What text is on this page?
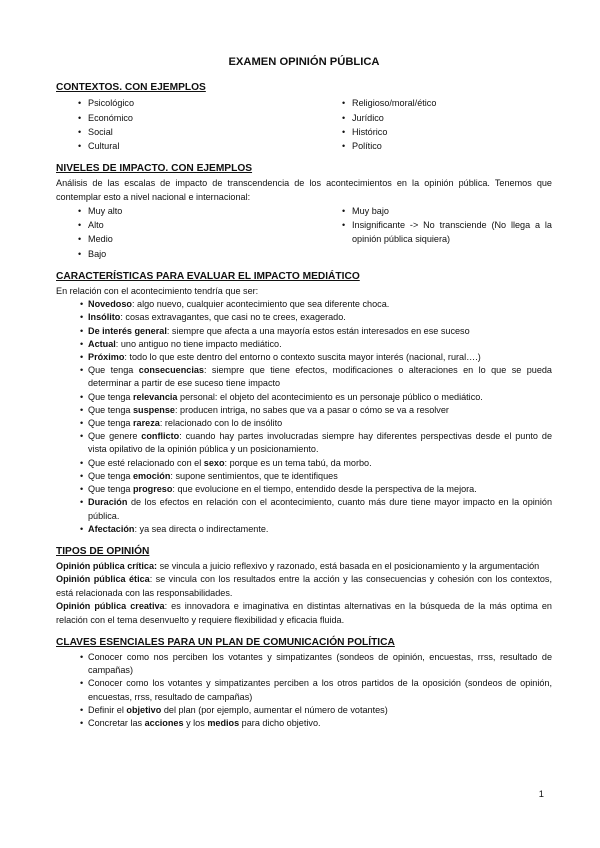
EXAMEN OPINIÓN PÚBLICA
CONTEXTOS. CON EJEMPLOS
• Psicológico
• Económico
• Social
• Cultural
• Religioso/moral/ético
• Jurídico
• Histórico
• Político
NIVELES DE IMPACTO. CON EJEMPLOS

Análisis de las escalas de impacto de transcendencia de los acontecimientos en la opinión pública. Tenemos que contemplar esto a nivel nacional e internacional:

• Muy alto
• Alto
• Medio
• Bajo
• Muy bajo
• Insignificante -> No transciende (No llega a la opinión pública siquiera)
CARACTERÍSTICAS PARA EVALUAR EL IMPACTO MEDIÁTICO

En relación con el acontecimiento tendría que ser:

• Novedoso: algo nuevo, cualquier acontecimiento que sea diferente choca.
• Insólito: cosas extravagantes, que casi no te crees, exagerado.
• De interés general: siempre que afecta a una mayoría estos están interesados en ese suceso
• Actual: uno antiguo no tiene impacto mediático.
• Próximo: todo lo que este dentro del entorno o contexto suscita mayor interés (nacional, rural….)
• Que tenga consecuencias: siempre que tiene efectos, modificaciones o alteraciones en lo que se pueda determinar a partir de ese suceso tiene impacto
• Que tenga relevancia personal: el objeto del acontecimiento es un personaje público o mediático.
• Que tenga suspense: producen intriga, no sabes que va a pasar o cómo se va a resolver
• Que tenga rareza: relacionado con lo de insólito
• Que genere conflicto: cuando hay partes involucradas siempre hay diferentes perspectivas desde el punto de vista opilativo de la opinión pública y un posicionamiento.
• Que esté relacionado con el sexo: porque es un tema tabú, da morbo.
• Que tenga emoción: supone sentimientos, que te identifiques
• Que tenga progreso: que evolucione en el tiempo, entendido desde la perspectiva de la mejora.
• Duración de los efectos en relación con el acontecimiento, cuanto más dure tiene mayor impacto en la opinión pública.
• Afectación: ya sea directa o indirectamente.
TIPOS DE OPINIÓN

Opinión pública crítica: se vincula a juicio reflexivo y razonado, está basada en el posicionamiento y la argumentación

Opinión pública ética: se vincula con los resultados entre la acción y las consecuencias y cohesión con los contextos, está relacionada con las responsabilidades.

Opinión pública creativa: es innovadora e imaginativa en distintas alternativas en la búsqueda de la más optima en relación con el tema desenvuelto y requiere flexibilidad y eficacia fluida.

CLAVES ESENCIALES PARA UN PLAN DE COMUNICACIÓN POLÍTICA
• Conocer como nos perciben los votantes y simpatizantes (sondeos de opinión, encuestas, rrss, resultado de campañas)
• Conocer como los votantes y simpatizantes perciben a los otros partidos de la oposición (sondeos de opinión, encuestas, rrss, resultado de campañas)
• Definir el objetivo del plan (por ejemplo, aumentar el número de votantes)
• Concretar las acciones y los medios para dicho objetivo.
1
